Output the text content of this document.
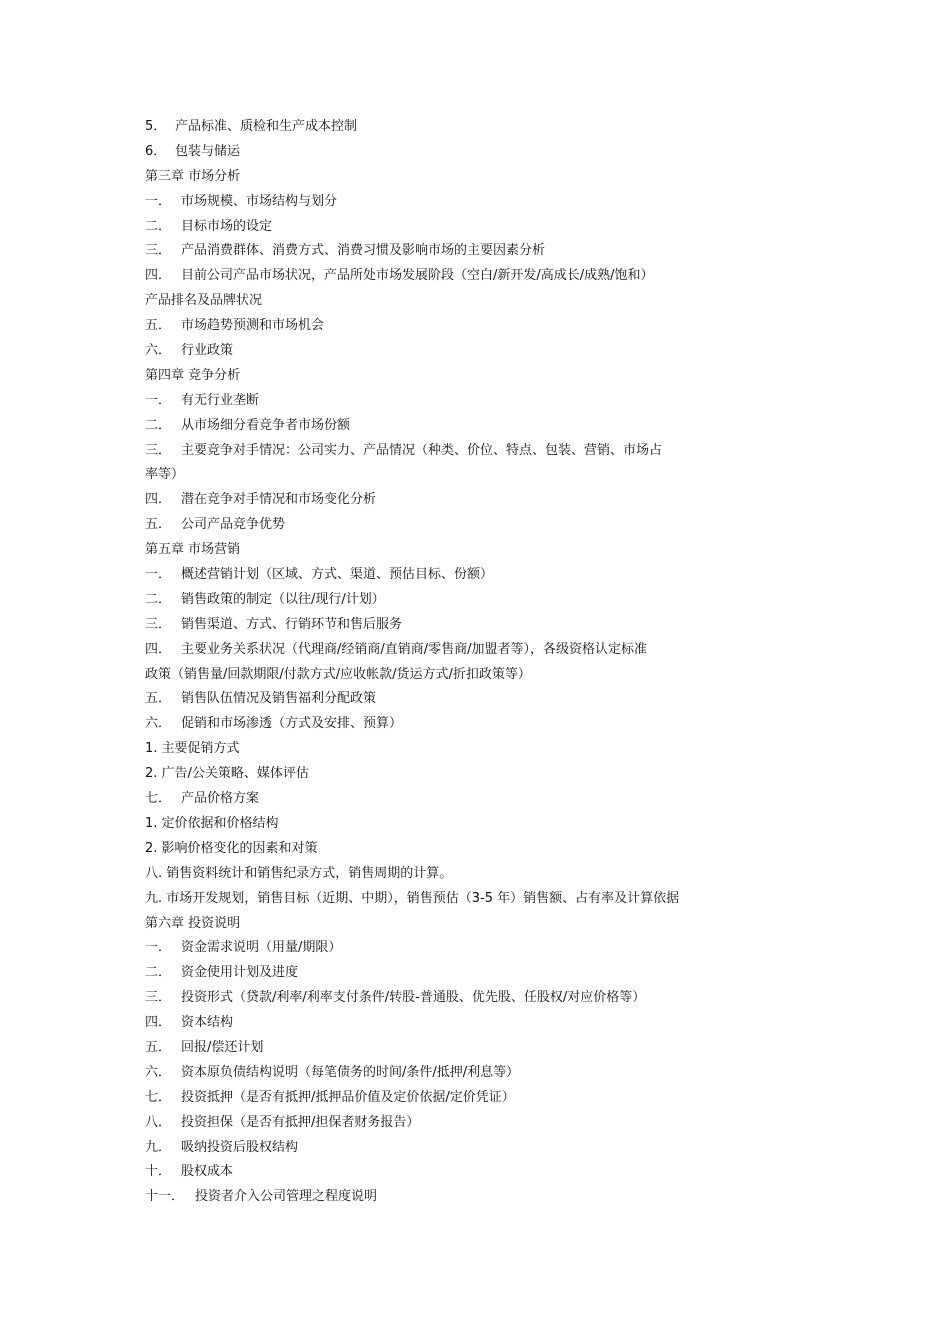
5． 产品标准、质检和生产成本控制
6． 包装与储运
第三章 市场分析
一． 市场规模、市场结构与划分
二． 目标市场的设定
三． 产品消费群体、消费方式、消费习惯及影响市场的主要因素分析
四． 目前公司产品市场状况，产品所处市场发展阶段（空白/新开发/高成长/成熟/饱和）
产品排名及品牌状况
五． 市场趋势预测和市场机会
六． 行业政策
第四章 竞争分析
一． 有无行业垄断
二． 从市场细分看竞争者市场份额
三． 主要竞争对手情况：公司实力、产品情况（种类、价位、特点、包装、营销、市场占
率等）
四． 潜在竞争对手情况和市场变化分析
五． 公司产品竞争优势
第五章 市场营销
一． 概述营销计划（区域、方式、渠道、预估目标、份额）
二． 销售政策的制定（以往/现行/计划）
三． 销售渠道、方式、行销环节和售后服务
四． 主要业务关系状况（代理商/经销商/直销商/零售商/加盟者等），各级资格认定标准
政策（销售量/回款期限/付款方式/应收帐款/货运方式/折扣政策等）
五． 销售队伍情况及销售福利分配政策
六． 促销和市场渗透（方式及安排、预算）
1. 主要促销方式
2. 广告/公关策略、媒体评估
七． 产品价格方案
1. 定价依据和价格结构
2. 影响价格变化的因素和对策
八. 销售资料统计和销售纪录方式，销售周期的计算。
九. 市场开发规划，销售目标（近期、中期），销售预估（3-5 年）销售额、占有率及计算依据
第六章 投资说明
一． 资金需求说明（用量/期限）
二． 资金使用计划及进度
三． 投资形式（贷款/利率/利率支付条件/转股-普通股、优先股、任股权/对应价格等）
四． 资本结构
五． 回报/偿还计划
六． 资本原负债结构说明（每笔债务的时间/条件/抵押/利息等）
七． 投资抵押（是否有抵押/抵押品价值及定价依据/定价凭证）
八． 投资担保（是否有抵押/担保者财务报告）
九． 吸纳投资后股权结构
十． 股权成本
十一． 投资者介入公司管理之程度说明
